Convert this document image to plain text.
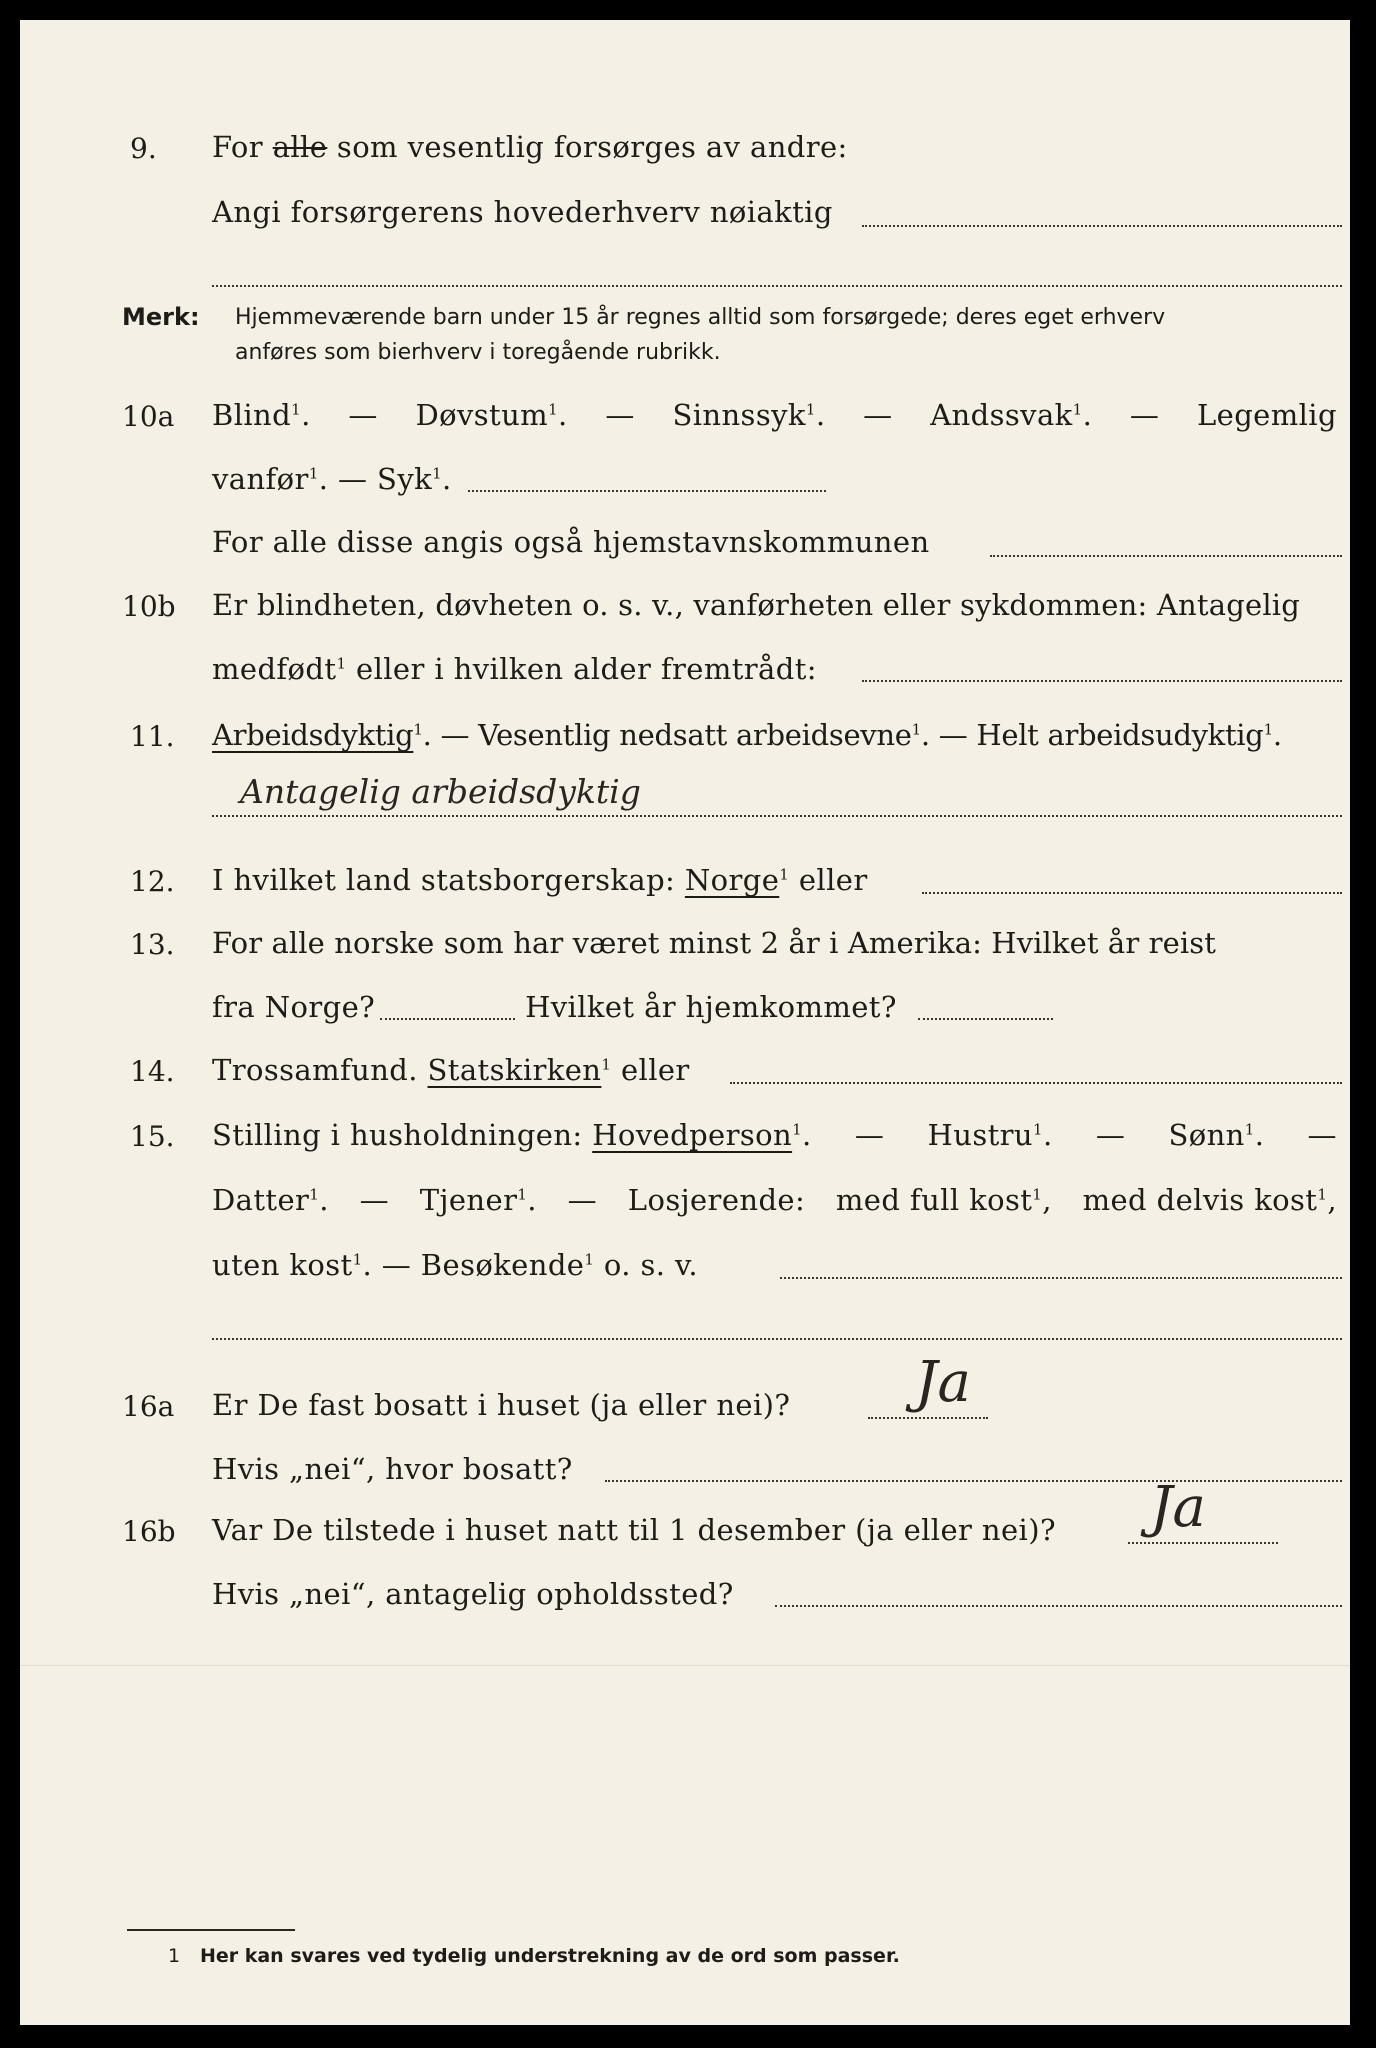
9.	For alle som vesentlig forsørges av andre:
Angi forsørgerens hovederhverv nøiaktig
Merk: Hjemmeværende barn under 15 år regnes alltid som forsørgede; deres eget erhverv
anføres som bierhverv i toregående rubrikk.
10a	Blind$^1$. — Døvstum$^1$. — Sinnssyk$^1$. — Andssvak$^1$. — Legemlig
vanfør$^1$. — Syk$^1$.
For alle disse angis også hjemstavnskommunen
10b	Er blindheten, døvheten o. s. v., vanførheten eller sykdommen: Antagelig
medfødt$^1$ eller i hvilken alder fremtrådt:
11.	Arbeidsdyktig$^1$. — Vesentlig nedsatt arbeidsevne$^1$. — Helt arbeidsudyktig$^1$.
Antagelig arbeidsdyktig
12.	I hvilket land statsborgerskap: Norge$^1$ eller
13.	For alle norske som har været minst 2 år i Amerika: Hvilket år reist
fra Norge?	Hvilket år hjemkommet?
14.	Trossamfund. Statskirken$^1$ eller
15.	Stilling i husholdningen: Hovedperson$^1$. — Hustru$^1$. — Sønn$^1$. —
Datter$^1$. — Tjener$^1$. — Losjerende: med full kost$^1$, med delvis kost$^1$,
uten kost$^1$. — Besøkende$^1$ o. s. v.
16a	Er De fast bosatt i huset (ja eller nei)?	Ja
Hvis „nei“, hvor bosatt?
16b	Var De tilstede i huset natt til 1 desember (ja eller nei)?	Ja
Hvis „nei“, antagelig opholdssted?
1 Her kan svares ved tydelig understrekning av de ord som passer.
